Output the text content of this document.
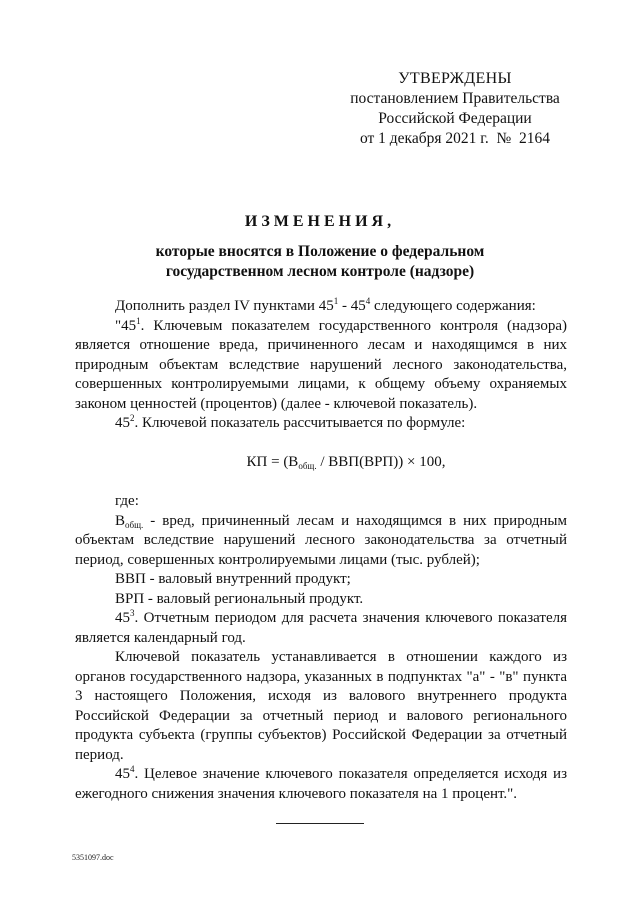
УТВЕРЖДЕНЫ
постановлением Правительства
Российской Федерации
от 1 декабря 2021 г. № 2164
ИЗМЕНЕНИЯ,
которые вносятся в Положение о федеральном
государственном лесном контроле (надзоре)

Дополнить раздел IV пунктами $45^1 - 45^4$ следующего содержания:

"$45^1$. Ключевым показателем государственного контроля (надзора) является отношение вреда, причиненного лесам и находящимся в них природным объектам вследствие нарушений лесного законодательства, совершенных контролируемыми лицами, к общему объему охраняемых законом ценностей (процентов) (далее - ключевой показатель).

$45^2$. Ключевой показатель рассчитывается по формуле:

КП = $(В_{общ.} / ВВП(ВРП)) \times 100$,

где:

$В_{общ.}$ - вред, причиненный лесам и находящимся в них природным объектам вследствие нарушений лесного законодательства за отчетный период, совершенных контролируемыми лицами (тыс. рублей);

ВВП - валовый внутренний продукт;

ВРП - валовый региональный продукт.

$45^3$. Отчетным периодом для расчета значения ключевого показателя является календарный год.

Ключевой показатель устанавливается в отношении каждого из органов государственного надзора, указанных в подпунктах "а" - "в" пункта 3 настоящего Положения, исходя из валового внутреннего продукта Российской Федерации за отчетный период и валового регионального продукта субъекта (группы субъектов) Российской Федерации за отчетный период.

$45^4$. Целевое значение ключевого показателя определяется исходя из ежегодного снижения значения ключевого показателя на 1 процент.".

5351097.doc
